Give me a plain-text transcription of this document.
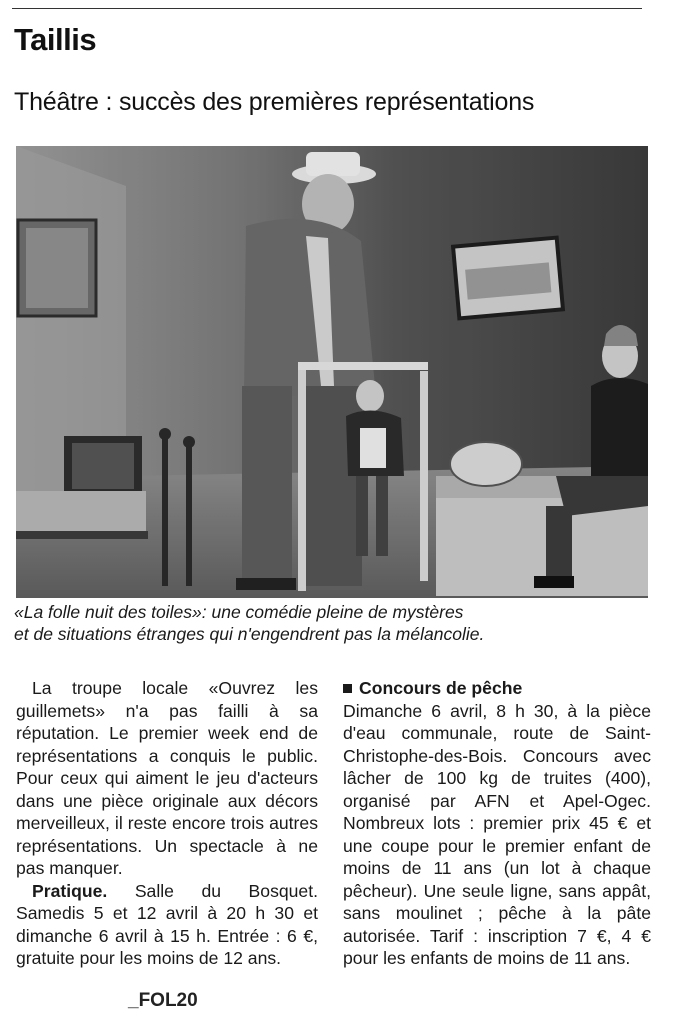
Taillis
Théâtre : succès des premières représentations
«La folle nuit des toiles»: une comédie pleine de mystères
et de situations étranges qui n'engendrent pas la mélancolie.

La troupe locale «Ouvrez les guillemets» n'a pas failli à sa réputation. Le premier week end de représentations a conquis le public. Pour ceux qui aiment le jeu d'acteurs dans une pièce originale aux décors merveilleux, il reste encore trois autres représentations. Un spectacle à ne pas manquer.

Pratique. Salle du Bosquet. Samedis 5 et 12 avril à 20 h 30 et dimanche 6 avril à 15 h. Entrée : 6 €, gratuite pour les moins de 12 ans.

Concours de pêche

Dimanche 6 avril, 8 h 30, à la pièce d'eau communale, route de Saint-Christophe-des-Bois. Concours avec lâcher de 100 kg de truites (400), organisé par AFN et Apel-Ogec. Nombreux lots : premier prix 45 € et une coupe pour le premier enfant de moins de 11 ans (un lot à chaque pêcheur). Une seule ligne, sans appât, sans moulinet ; pêche à la pâte autorisée. Tarif : inscription 7 €, 4 € pour les enfants de moins de 11 ans.

_FOL20
